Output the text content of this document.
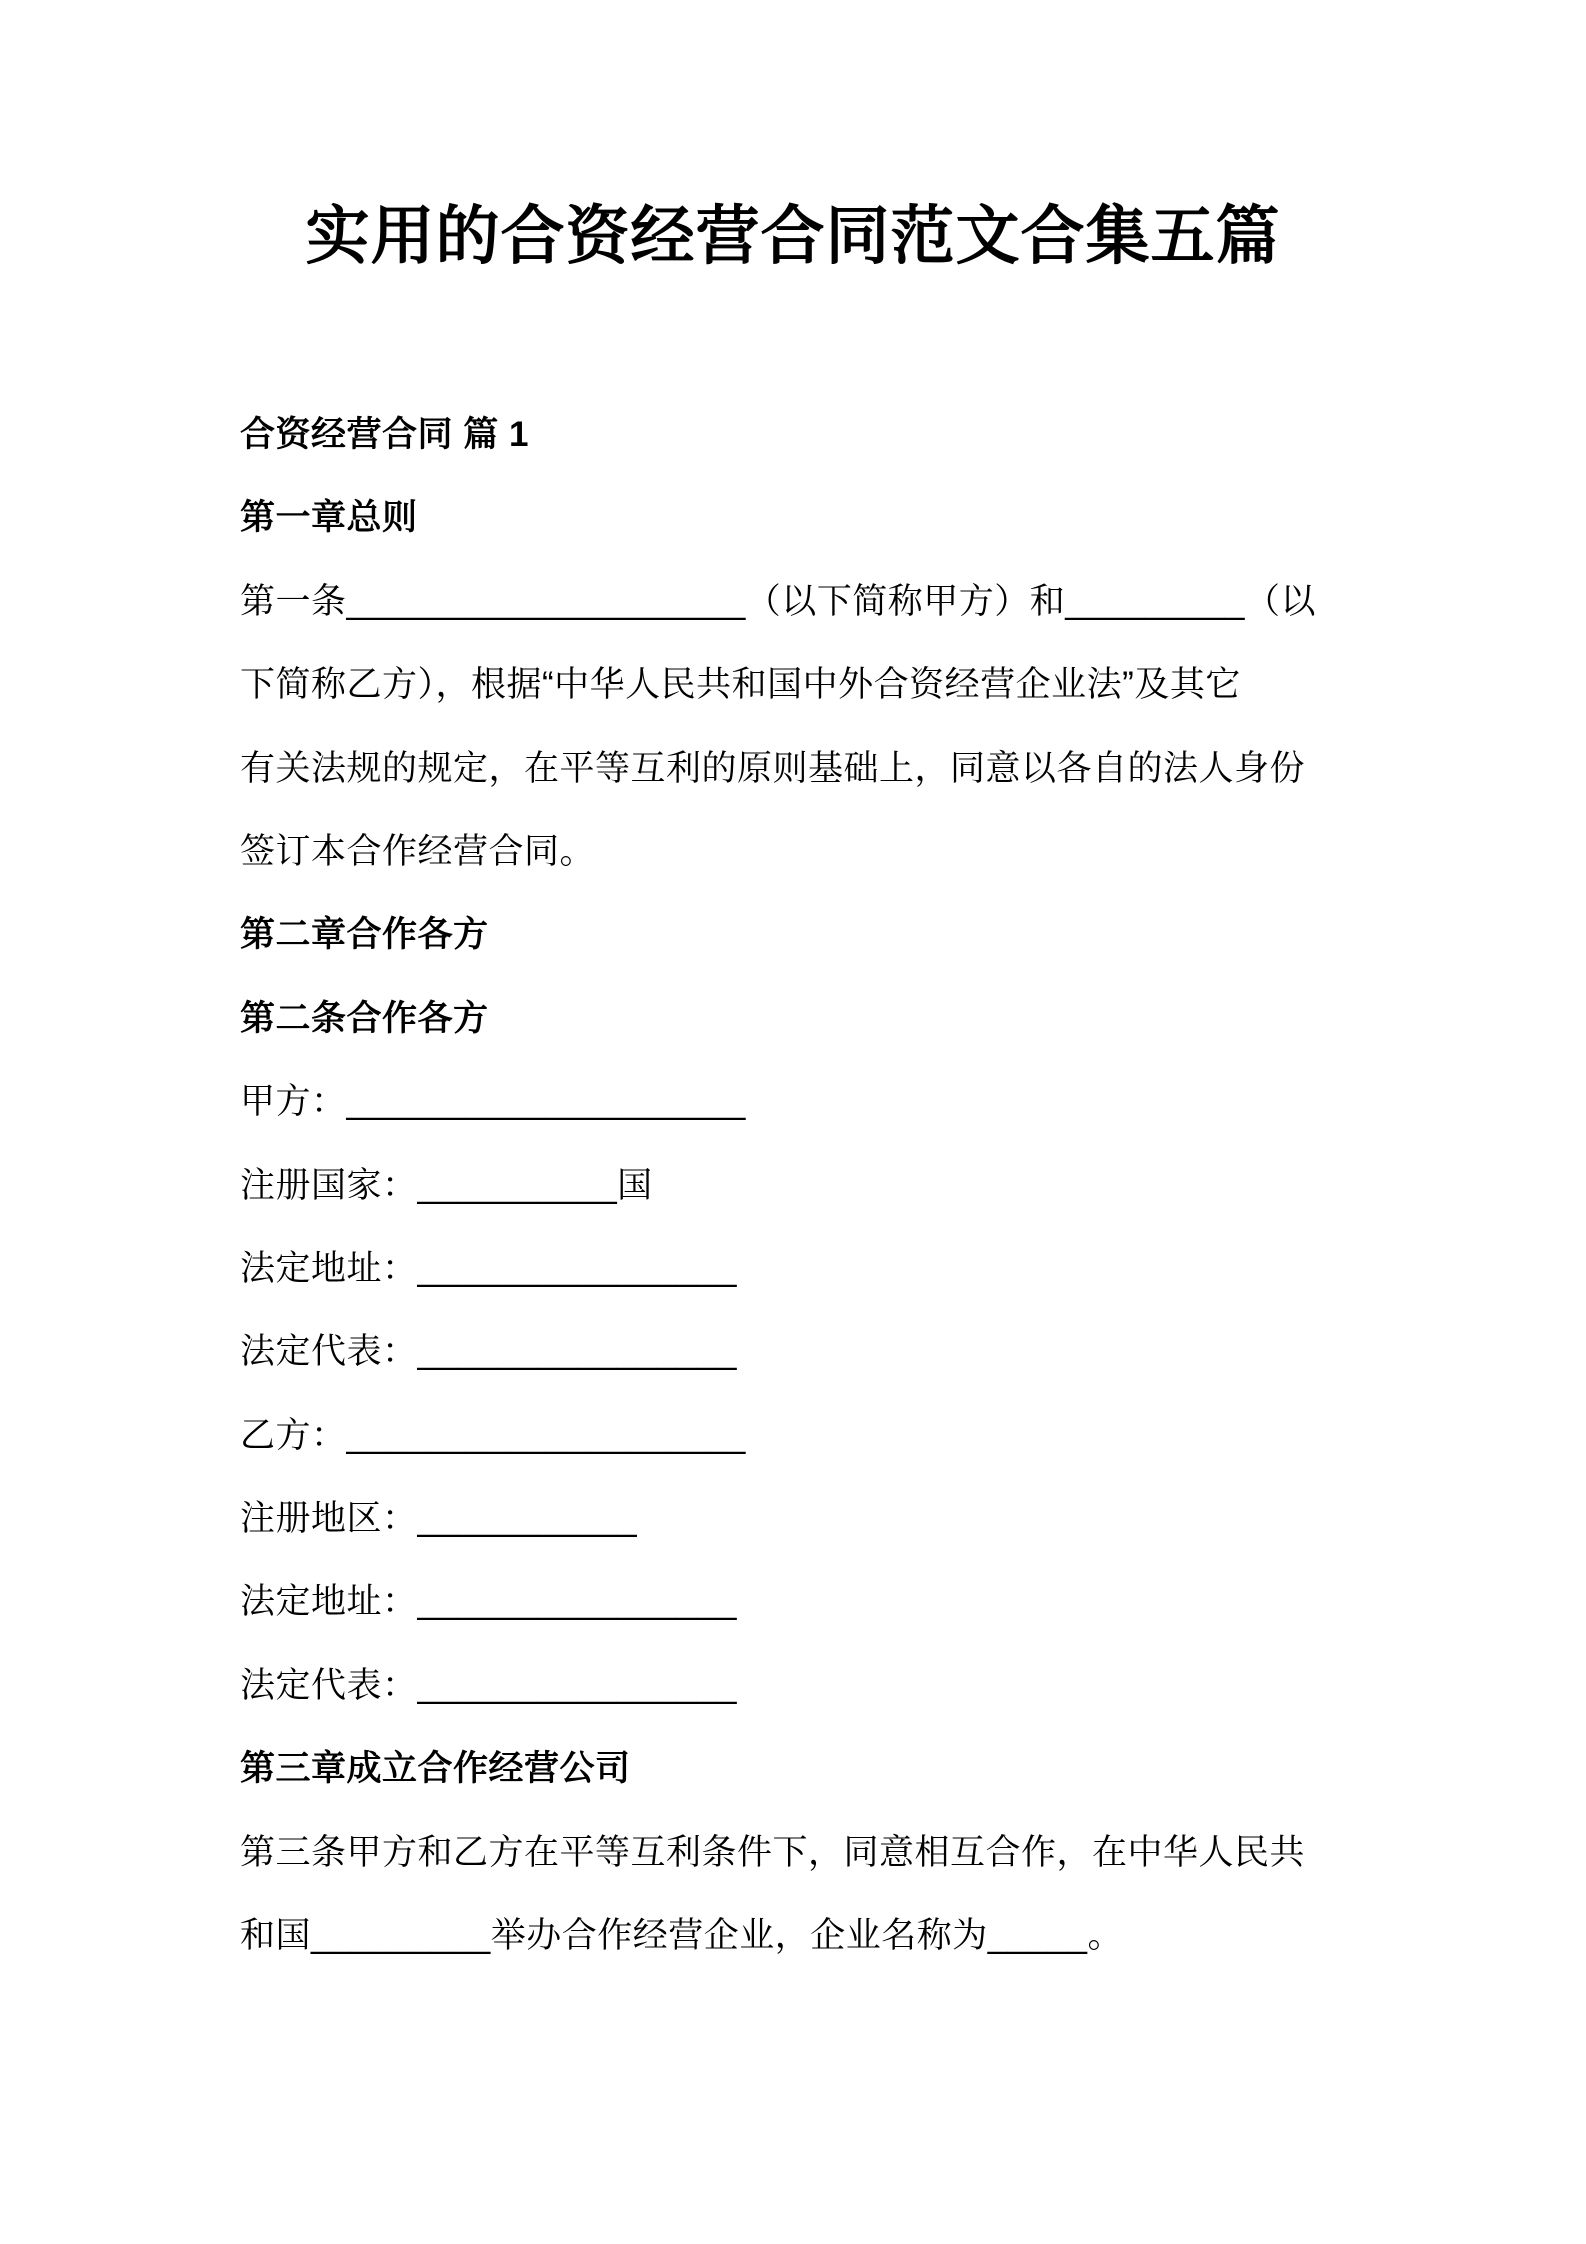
实用的合资经营合同范文合集五篇
合资经营合同 篇 1
第一章总则
第一条____________________（以下简称甲方）和_________（以
下简称乙方），根据“中华人民共和国中外合资经营企业法”及其它
有关法规的规定，在平等互利的原则基础上，同意以各自的法人身份
签订本合作经营合同。
第二章合作各方
第二条合作各方
甲方：____________________
注册国家：__________国
法定地址：________________
法定代表：________________
乙方：____________________
注册地区：___________
法定地址：________________
法定代表：________________
第三章成立合作经营公司
第三条甲方和乙方在平等互利条件下，同意相互合作，在中华人民共
和国_________举办合作经营企业，企业名称为_____。
